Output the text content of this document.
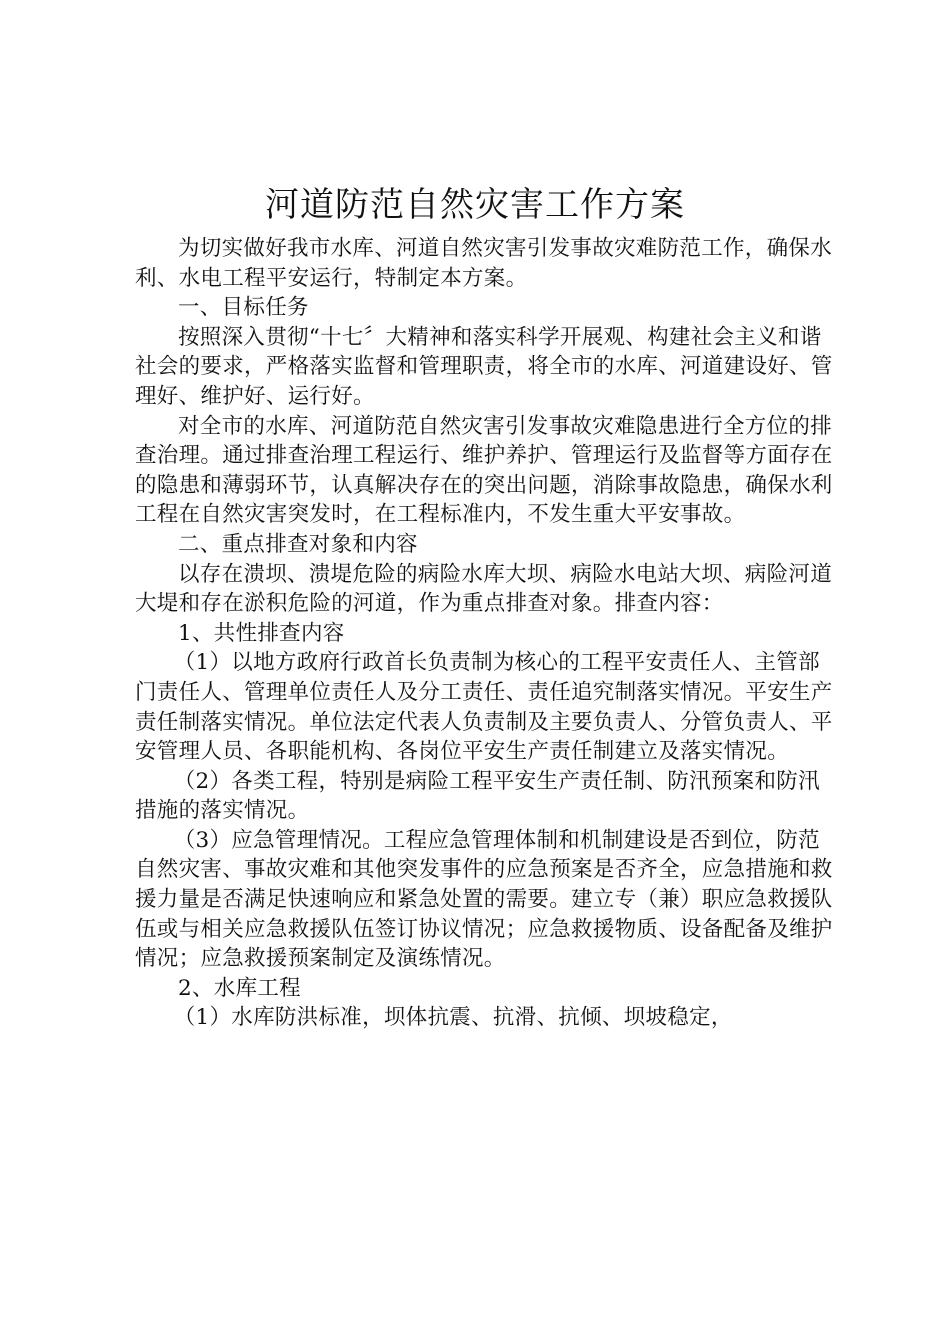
河道防范自然灾害工作方案

为切实做好我市水库、河道自然灾害引发事故灾难防范工作，确保水利、水电工程平安运行，特制定本方案。

一、目标任务

按照深入贯彻“十七〞大精神和落实科学开展观、构建社会主义和谐社会的要求，严格落实监督和管理职责，将全市的水库、河道建设好、管理好、维护好、运行好。

对全市的水库、河道防范自然灾害引发事故灾难隐患进行全方位的排查治理。通过排查治理工程运行、维护养护、管理运行及监督等方面存在的隐患和薄弱环节，认真解决存在的突出问题，消除事故隐患，确保水利工程在自然灾害突发时，在工程标准内，不发生重大平安事故。

二、重点排查对象和内容

以存在溃坝、溃堤危险的病险水库大坝、病险水电站大坝、病险河道大堤和存在淤积危险的河道，作为重点排查对象。排查内容：

1、共性排查内容

（1）以地方政府行政首长负责制为核心的工程平安责任人、主管部门责任人、管理单位责任人及分工责任、责任追究制落实情况。平安生产责任制落实情况。单位法定代表人负责制及主要负责人、分管负责人、平安管理人员、各职能机构、各岗位平安生产责任制建立及落实情况。

（2）各类工程，特别是病险工程平安生产责任制、防汛预案和防汛措施的落实情况。

（3）应急管理情况。工程应急管理体制和机制建设是否到位，防范自然灾害、事故灾难和其他突发事件的应急预案是否齐全，应急措施和救援力量是否满足快速响应和紧急处置的需要。建立专（兼）职应急救援队伍或与相关应急救援队伍签订协议情况；应急救援物质、设备配备及维护情况；应急救援预案制定及演练情况。

2、水库工程

（1）水库防洪标准，坝体抗震、抗滑、抗倾、坝坡稳定，
